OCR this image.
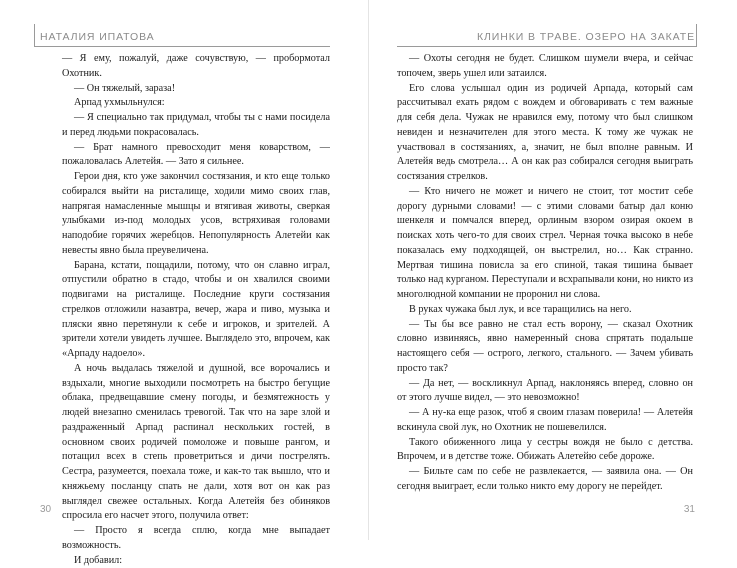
НАТАЛИЯ ИПАТОВА

— Я ему, пожалуй, даже сочувствую, — пробормотал Охотник.

— Он тяжелый, зараза!

Арпад ухмыльнулся:

— Я специально так придумал, чтобы ты с нами посидела и перед людьми покрасовалась.

— Брат намного превосходит меня коварством, — пожаловалась Алетейя. — Зато я сильнее.

Герои дня, кто уже закончил состязания, и кто еще только собирался выйти на ристалище, ходили мимо своих глав, напрягая намасленные мышцы и втягивая животы, сверкая улыбками из-под молодых усов, встряхивая головами наподобие горячих жеребцов. Непопулярность Алетейи как невесты явно была преувеличена.

Барана, кстати, пощадили, потому, что он славно играл, отпустили обратно в стадо, чтобы и он хвалился своими подвигами на ристалище. Последние круги состязания стрелков отложили назавтра, вечер, жара и пиво, музыка и пляски явно перетянули к себе и игроков, и зрителей. А зрители хотели увидеть лучшее. Выглядело это, впрочем, как «Арпаду надоело».

А ночь выдалась тяжелой и душной, все ворочались и вздыхали, многие выходили посмотреть на быстро бегущие облака, предвещавшие смену погоды, и безмятежность у людей внезапно сменилась тревогой. Так что на заре злой и раздраженный Арпад распинал нескольких гостей, в основном своих родичей помоложе и повыше рангом, и потащил всех в степь проветриться и дичи пострелять. Сестра, разумеется, поехала тоже, и как-то так вышло, что и княжьему посланцу спать не дали, хотя вот он как раз выглядел свежее остальных. Когда Алетейя без обиняков спросила его насчет этого, получила ответ:

— Просто я всегда сплю, когда мне выпадает возможность.

И добавил:

30
КЛИНКИ В ТРАВЕ. ОЗЕРО НА ЗАКАТЕ

— Охоты сегодня не будет. Слишком шумели вчера, и сейчас топочем, зверь ушел или затаился.

Его слова услышал один из родичей Арпада, который сам рассчитывал ехать рядом с вождем и обговаривать с тем важные для себя дела. Чужак не нравился ему, потому что был слишком невиден и незначителен для этого места. К тому же чужак не участвовал в состязаниях, а, значит, не был вполне равным. И Алетейя ведь смотрела… А он как раз собирался сегодня выиграть состязания стрелков.

— Кто ничего не может и ничего не стоит, тот мостит себе дорогу дурными словами! — с этими словами батыр дал коню шенкеля и помчался вперед, орлиным взором озирая окоем в поисках хоть чего-то для своих стрел. Черная точка высоко в небе показалась ему подходящей, он выстрелил, но… Как странно. Мертвая тишина повисла за его спиной, такая тишина бывает только над курганом. Переступали и всхрапывали кони, но никто из многолюдной компании не проронил ни слова.

В руках чужака был лук, и все таращились на него.

— Ты бы все равно не стал есть ворону, — сказал Охотник словно извиняясь, явно намеренный снова спрятать подальше настоящего себя — острого, легкого, стального. — Зачем убивать просто так?

— Да нет, — воскликнул Арпад, наклоняясь вперед, словно он от этого лучше видел, — это невозможно!

— А ну-ка еще разок, чтоб я своим глазам поверила! — Алетейя вскинула свой лук, но Охотник не пошевелился.

Такого обиженного лица у сестры вождя не было с детства. Впрочем, и в детстве тоже. Обижать Алетейю себе дороже.

— Бильте сам по себе не развлекается, — заявила она. — Он сегодня выиграет, если только никто ему дорогу не перейдет.

31
